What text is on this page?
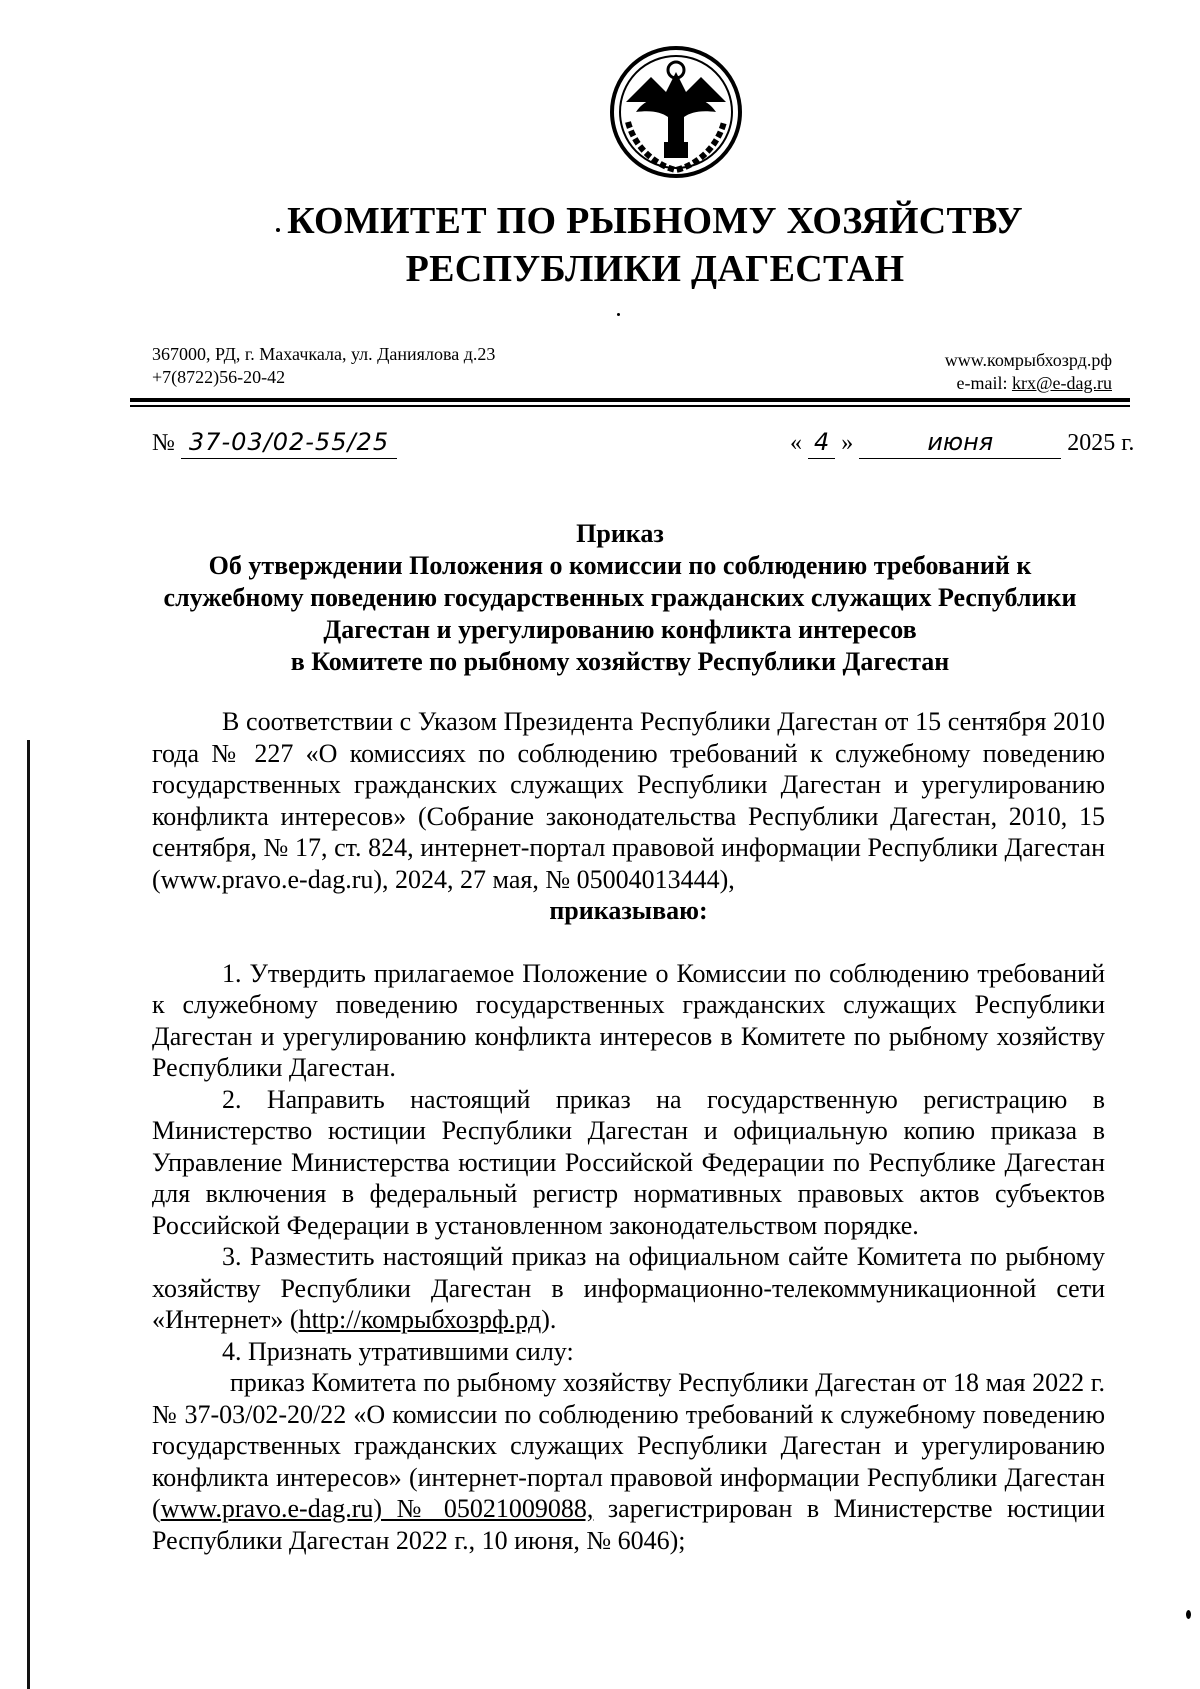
КОМИТЕТ ПО РЫБНОМУ ХОЗЯЙСТВУ
РЕСПУБЛИКИ ДАГЕСТАН
367000, РД, г. Махачкала, ул. Даниялова д.23
+7(8722)56-20-42
www.комрыбхозрд.рф
e-mail: krx@e-dag.ru
№ 37-03/02-55/25	« 4 »	июня	2025 г.
Приказ
Об утверждении Положения о комиссии по соблюдению требований к
служебному поведению государственных гражданских служащих Республики
Дагестан и урегулированию конфликта интересов
в Комитете по рыбному хозяйству Республики Дагестан

В соответствии с Указом Президента Республики Дагестан от 15 сентября 2010 года № 227 «О комиссиях по соблюдению требований к служебному поведению государственных гражданских служащих Республики Дагестан и урегулированию конфликта интересов» (Собрание законодательства Республики Дагестан, 2010, 15 сентября, № 17, ст. 824, интернет-портал правовой информации Республики Дагестан (www.pravo.e-dag.ru), 2024, 27 мая, № 05004013444),

приказываю:

1. Утвердить прилагаемое Положение о Комиссии по соблюдению требований к служебному поведению государственных гражданских служащих Республики Дагестан и урегулированию конфликта интересов в Комитете по рыбному хозяйству Республики Дагестан.

2. Направить настоящий приказ на государственную регистрацию в Министерство юстиции Республики Дагестан и официальную копию приказа в Управление Министерства юстиции Российской Федерации по Республике Дагестан для включения в федеральный регистр нормативных правовых актов субъектов Российской Федерации в установленном законодательством порядке.

3. Разместить настоящий приказ на официальном сайте Комитета по рыбному хозяйству Республики Дагестан в информационно-телекоммуникационной сети «Интернет» (http://комрыбхозрф.рд).

4. Признать утратившими силу:

приказ Комитета по рыбному хозяйству Республики Дагестан от 18 мая 2022 г. № 37-03/02-20/22 «О комиссии по соблюдению требований к служебному поведению государственных гражданских служащих Республики Дагестан и урегулированию конфликта интересов» (интернет-портал правовой информации Республики Дагестан (www.pravo.e-dag.ru) № 05021009088, зарегистрирован в Министерстве юстиции Республики Дагестан 2022 г., 10 июня, № 6046);
